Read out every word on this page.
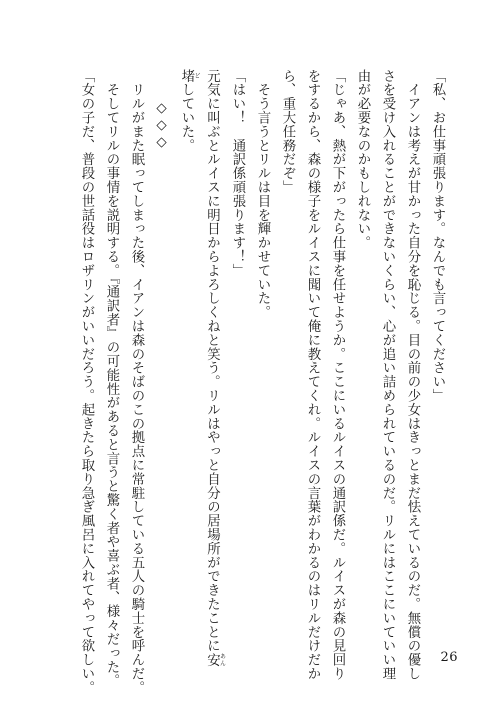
「私、お仕事頑張ります。なんでも言ってください」
　イアンは考えが甘かった自分を恥じる。目の前の少女はきっとまだ怯えているのだ。無償の優し
さを受け入れることができないくらい、心が追い詰められているのだ。リルにはここにいていい理
由が必要なのかもしれない。
「じゃあ、熱が下がったら仕事を任せようか。ここにいるルイスの通訳係だ。ルイスが森の見回り
をするから、森の様子をルイスに聞いて俺に教えてくれ。ルイスの言葉がわかるのはリルだけだか
ら、重大任務だぞ」
　そう言うとリルは目を輝かせていた。
「はい！　通訳係頑張ります！」
元気に叫ぶとルイスに明日からよろしくねと笑う。リルはやっと自分の居場所ができたことに安 あん
堵 どしていた。
◇◇◇
　リルがまた眠ってしまった後、イアンは森のそばのこの拠点に常駐している五人の騎士を呼んだ。
　そしてリルの事情を説明する。『通訳者』の可能性があると言うと驚く者や喜ぶ者、様々だった。
「女の子だ、普段の世話役はロザリンがいいだろう。起きたら取り急ぎ風呂に入れてやって欲しい。	26
